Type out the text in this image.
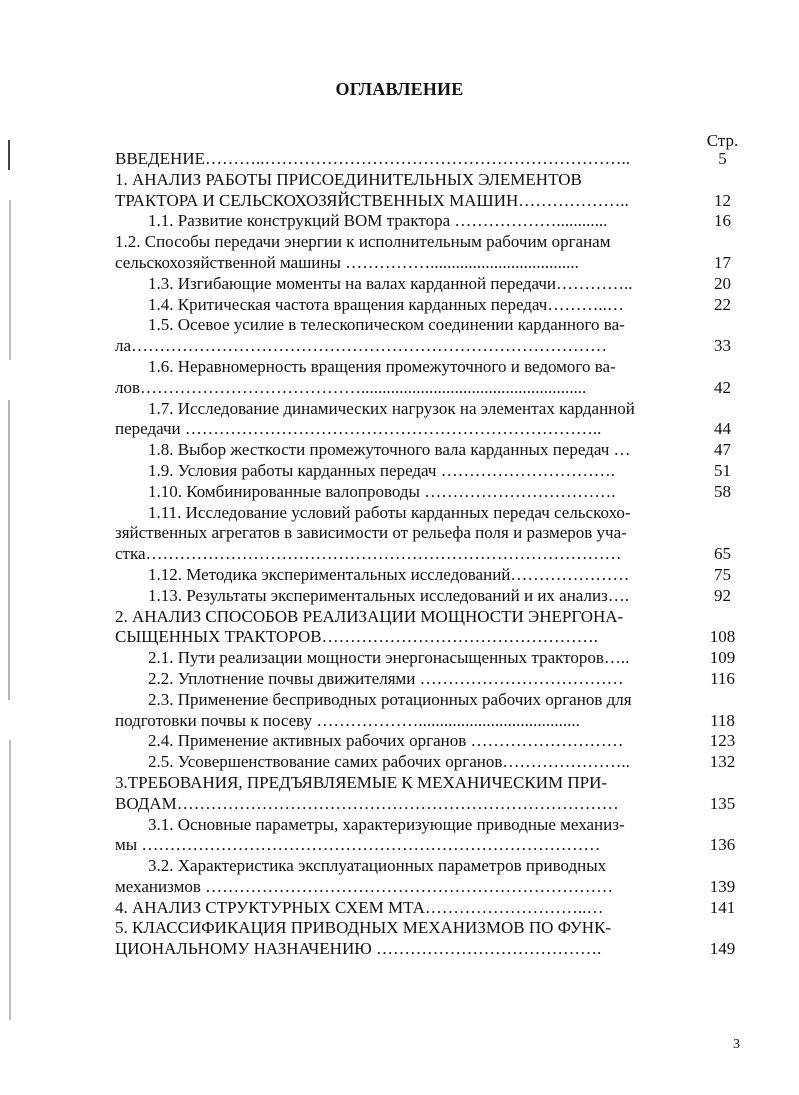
ОГЛАВЛЕНИЕ
Стр.
ВВЕДЕНИЕ………..………………………………………………………..	5
1. АНАЛИЗ РАБОТЫ ПРИСОЕДИНИТЕЛЬНЫХ ЭЛЕМЕНТОВ
ТРАКТОРА И СЕЛЬСКОХОЗЯЙСТВЕННЫХ МАШИН………………..	12
1.1. Развитие конструкций ВОМ трактора ………………............	16
1.2. Способы передачи энергии к исполнительным рабочим органам
сельскохозяйственной машины ……………...................................	17
1.3. Изгибающие моменты на валах карданной передачи…………..	20
1.4. Критическая частота вращения карданных передач………..…	22
1.5. Осевое усилие в телескопическом соединении карданного ва-
ла…………………………………………………………………………	33
1.6. Неравномерность вращения промежуточного и ведомого ва-
лов………………………………….....................................................	42
1.7. Исследование динамических нагрузок на элементах карданной
передачи ………………………………………………………………..	44
1.8. Выбор жесткости промежуточного вала карданных передач …	47
1.9. Условия работы карданных передач ………………………….	51
1.10. Комбинированные валопроводы …………………………….	58
1.11. Исследование условий работы карданных передач сельскохо-
зяйственных агрегатов в зависимости от рельефа поля и размеров уча-
стка…………………………………………………………………………	65
1.12. Методика экспериментальных исследований…………………	75
1.13. Результаты экспериментальных исследований и их анализ….	92
2. АНАЛИЗ СПОСОБОВ РЕАЛИЗАЦИИ МОЩНОСТИ ЭНЕРГОНА-
СЫЩЕННЫХ ТРАКТОРОВ………………………………………….	108
2.1. Пути реализации мощности энергонасыщенных тракторов…..	109
2.2. Уплотнение почвы движителями ………………………………	116
2.3. Применение бесприводных ротационных рабочих органов для
подготовки почвы к посеву ………………......................................	118
2.4. Применение активных рабочих органов ………………………	123
2.5. Усовершенствование самих рабочих органов…………………..	132
3.ТРЕБОВАНИЯ, ПРЕДЪЯВЛЯЕМЫЕ К МЕХАНИЧЕСКИМ ПРИ-
ВОДАМ……………………………………………………………………	135
3.1. Основные параметры, характеризующие приводные механиз-
мы ………………………………………………………………………	136
3.2. Характеристика эксплуатационных параметров приводных
механизмов ………………………………………………………………	139
4. АНАЛИЗ СТРУКТУРНЫХ СХЕМ МТА………………………..…	141
5. КЛАССИФИКАЦИЯ ПРИВОДНЫХ МЕХАНИЗМОВ ПО ФУНК-
ЦИОНАЛЬНОМУ НАЗНАЧЕНИЮ ………………………………….	149
3
